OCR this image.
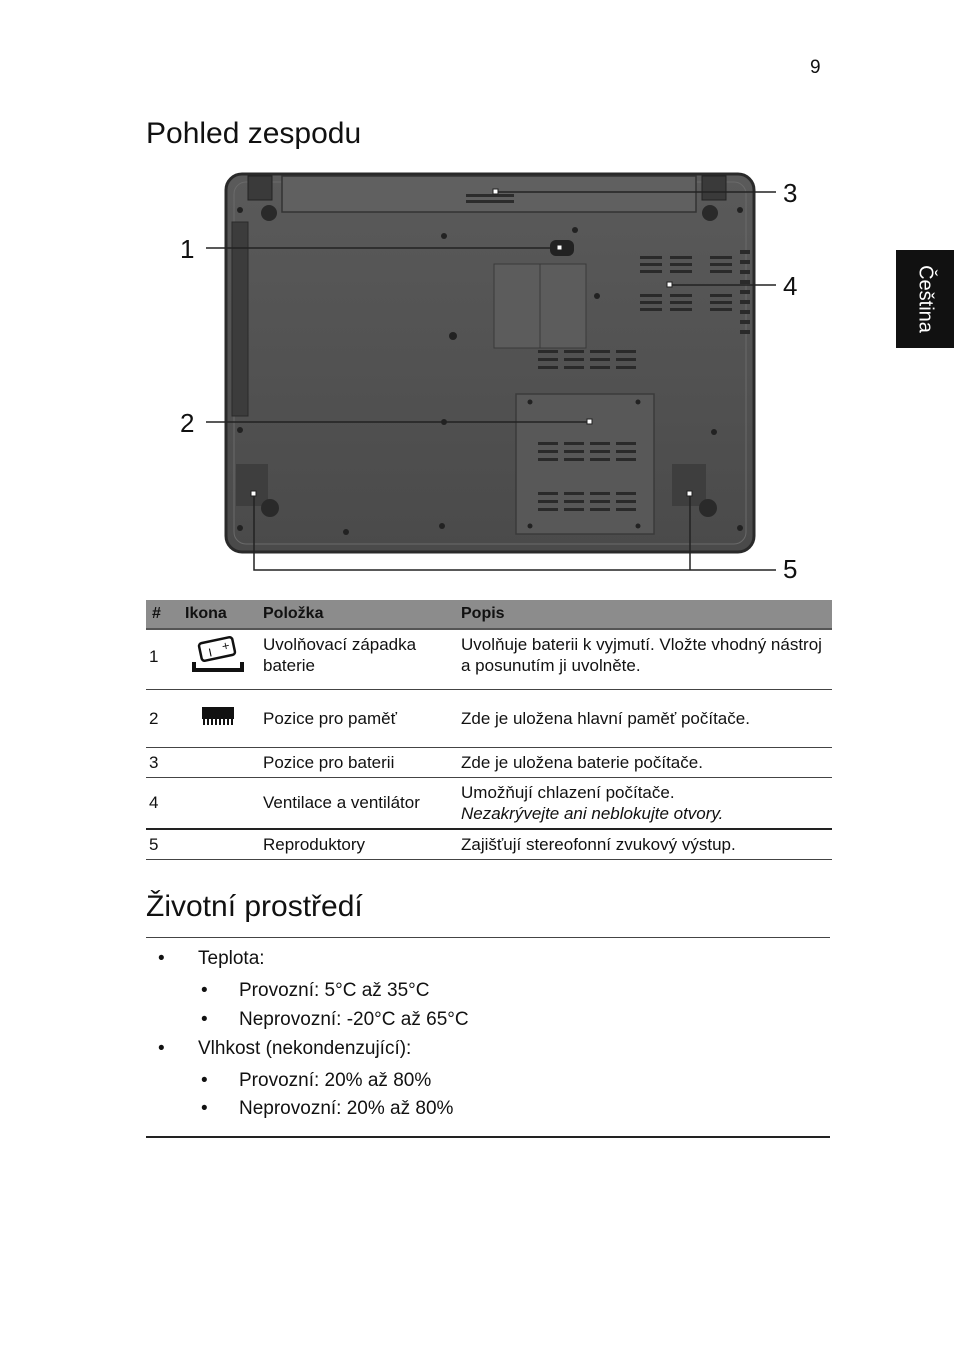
9
Čeština
Pohled zespodu
1
2
3
4
5
#	Ikona	Položka	Popis
1	I +	Uvolňovací západka baterie	Uvolňuje baterii k vyjmutí. Vložte vhodný nástroj a posunutím ji uvolněte.
2		Pozice pro paměť	Zde je uložena hlavní paměť počítače.
3		Pozice pro baterii	Zde je uložena baterie počítače.
4		Ventilace a ventilátor	Umožňují chlazení počítače.
Nezakrývejte ani neblokujte otvory.

5		Reproduktory	Zajišťují stereofonní zvukový výstup.
Životní prostředí
• Teplota:
• Provozní: 5°C až 35°C
• Neprovozní: -20°C až 65°C
• Vlhkost (nekondenzující):
• Provozní: 20% až 80%
• Neprovozní: 20% až 80%
